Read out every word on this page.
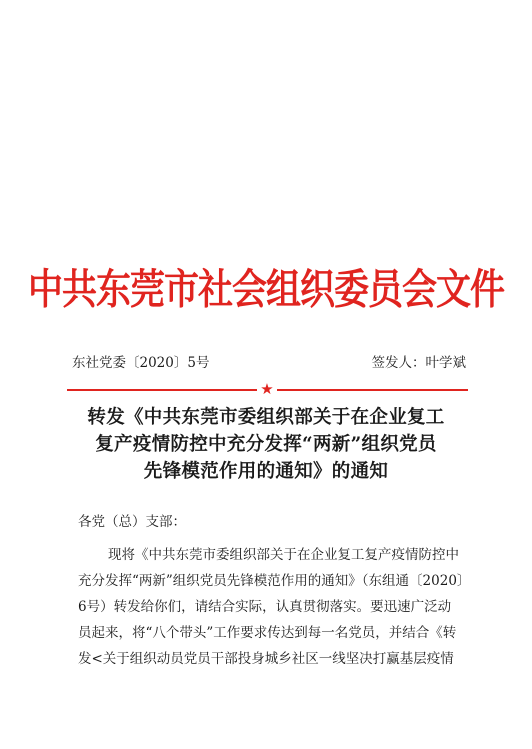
中共东莞市社会组织委员会文件
东社党委〔2020〕5号	签发人：叶学斌
★
转发《中共东莞市委组织部关于在企业复工
复产疫情防控中充分发挥“两新”组织党员
先锋模范作用的通知》的通知
各党（总）支部：
现将《中共东莞市委组织部关于在企业复工复产疫情防控中
充分发挥“两新”组织党员先锋模范作用的通知》（东组通〔2020〕
6号）转发给你们，请结合实际，认真贯彻落实。要迅速广泛动
员起来，将“八个带头”工作要求传达到每一名党员，并结合《转
发<关于组织动员党员干部投身城乡社区一线坚决打赢基层疫情
